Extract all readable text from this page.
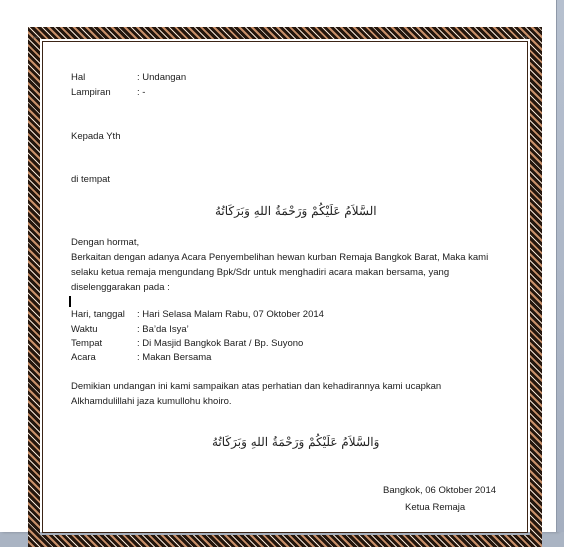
⌐	¬
Hal	: Undangan
Lampiran	: -
Kepada Yth
di tempat
السَّلاَمُ عَلَيْكُمْ وَرَحْمَةُ اللهِ وَبَرَكَاتُهُ
Dengan hormat,
Berkaitan dengan adanya Acara Penyembelihan hewan kurban Remaja Bangkok Barat, Maka kami
selaku ketua remaja mengundang Bpk/Sdr untuk menghadiri acara makan bersama, yang
diselenggarakan pada :
Hari, tanggal : Hari Selasa Malam Rabu, 07 Oktober 2014
Waktu	: Ba’da Isya’
Tempat	: Di Masjid Bangkok Barat / Bp. Suyono
Acara	: Makan Bersama
Demikian undangan ini kami sampaikan atas perhatian dan kehadirannya kami ucapkan
Alkhamdulillahi jaza kumullohu khoiro.
وَالسَّلاَمُ عَلَيْكُمْ وَرَحْمَةُ اللهِ وَبَرَكَاتُهُ
Bangkok, 06 Oktober 2014
Ketua Remaja
